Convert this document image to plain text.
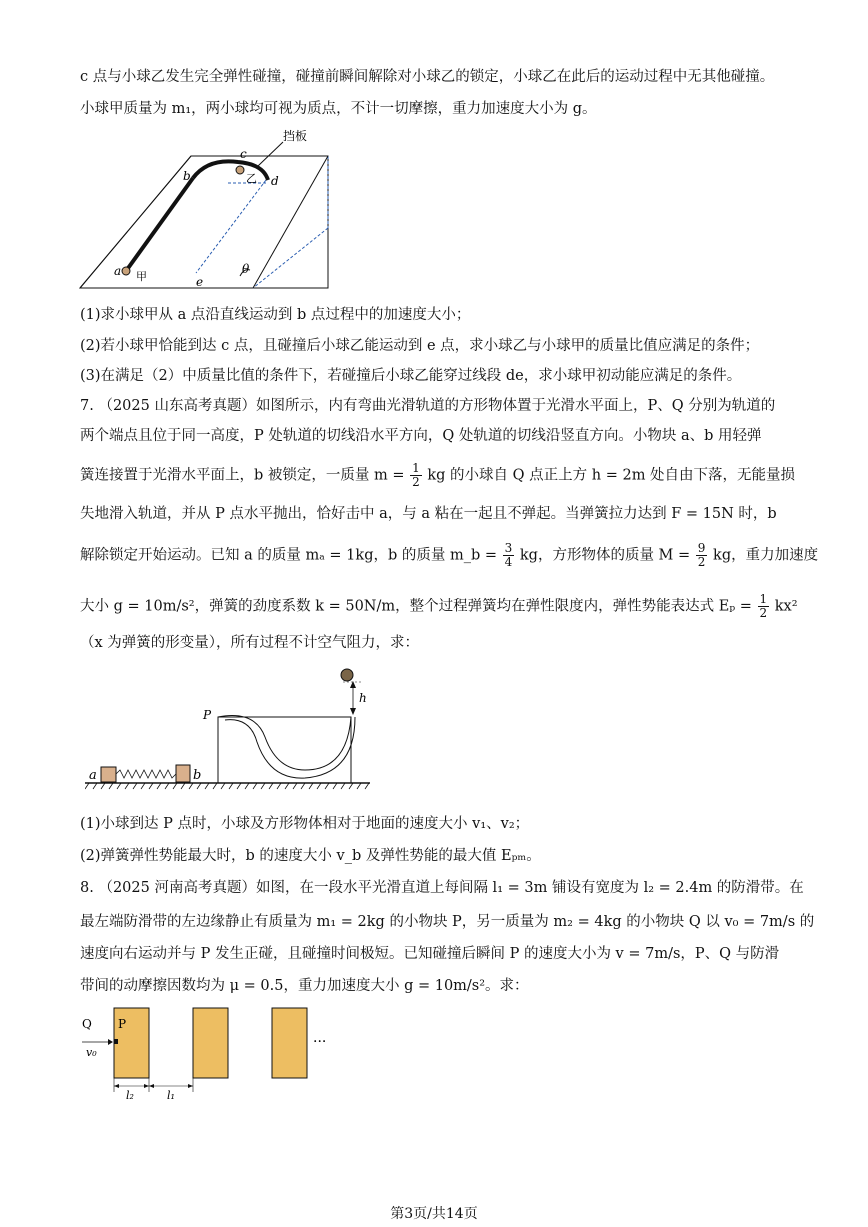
c 点与小球乙发生完全弹性碰撞，碰撞前瞬间解除对小球乙的锁定，小球乙在此后的运动过程中无其他碰撞。
小球甲质量为 m₁，两小球均可视为质点，不计一切摩擦，重力加速度大小为 g。
挡板
a 甲
b
c
乙 d
e
θ
(1)求小球甲从 a 点沿直线运动到 b 点过程中的加速度大小；
(2)若小球甲恰能到达 c 点，且碰撞后小球乙能运动到 e 点，求小球乙与小球甲的质量比值应满足的条件；
(3)在满足（2）中质量比值的条件下，若碰撞后小球乙能穿过线段 de，求小球甲初动能应满足的条件。
7. （2025 山东高考真题）如图所示，内有弯曲光滑轨道的方形物体置于光滑水平面上，P、Q 分别为轨道的
两个端点且位于同一高度，P 处轨道的切线沿水平方向，Q 处轨道的切线沿竖直方向。小物块 a、b 用轻弹
簧连接置于光滑水平面上，b 被锁定，一质量 $m = \frac{1}{2}$ kg 的小球自 Q 点正上方 h = 2m 处自由下落，无能量损
失地滑入轨道，并从 P 点水平抛出，恰好击中 a，与 a 粘在一起且不弹起。当弹簧拉力达到 F = 15N 时，b
解除锁定开始运动。已知 a 的质量 mₐ = 1kg，b 的质量 m_b = $\frac{3}{4}$ kg，方形物体的质量 $M = \frac{9}{2}$ kg，重力加速度
大小 g = 10m/s²，弹簧的劲度系数 k = 50N/m，整个过程弹簧均在弹性限度内，弹性势能表达式 $E_p = \frac{1}{2} kx^2$
（x 为弹簧的形变量），所有过程不计空气阻力，求：
h
P
a	b
(1)小球到达 P 点时，小球及方形物体相对于地面的速度大小 v₁、v₂；
(2)弹簧弹性势能最大时，b 的速度大小 v_b 及弹性势能的最大值 Eₚₘ。
8. （2025 河南高考真题）如图，在一段水平光滑直道上每间隔 l₁ = 3m 铺设有宽度为 l₂ = 2.4m 的防滑带。在
最左端防滑带的左边缘静止有质量为 m₁ = 2kg 的小物块 P，另一质量为 m₂ = 4kg 的小物块 Q 以 v₀ = 7m/s 的
速度向右运动并与 P 发生正碰，且碰撞时间极短。已知碰撞后瞬间 P 的速度大小为 v = 7m/s，P、Q 与防滑
带间的动摩擦因数均为 μ = 0.5，重力加速度大小 g = 10m/s²。求：
Q P
v₀
···
l₂	l₁
第3页/共14页
